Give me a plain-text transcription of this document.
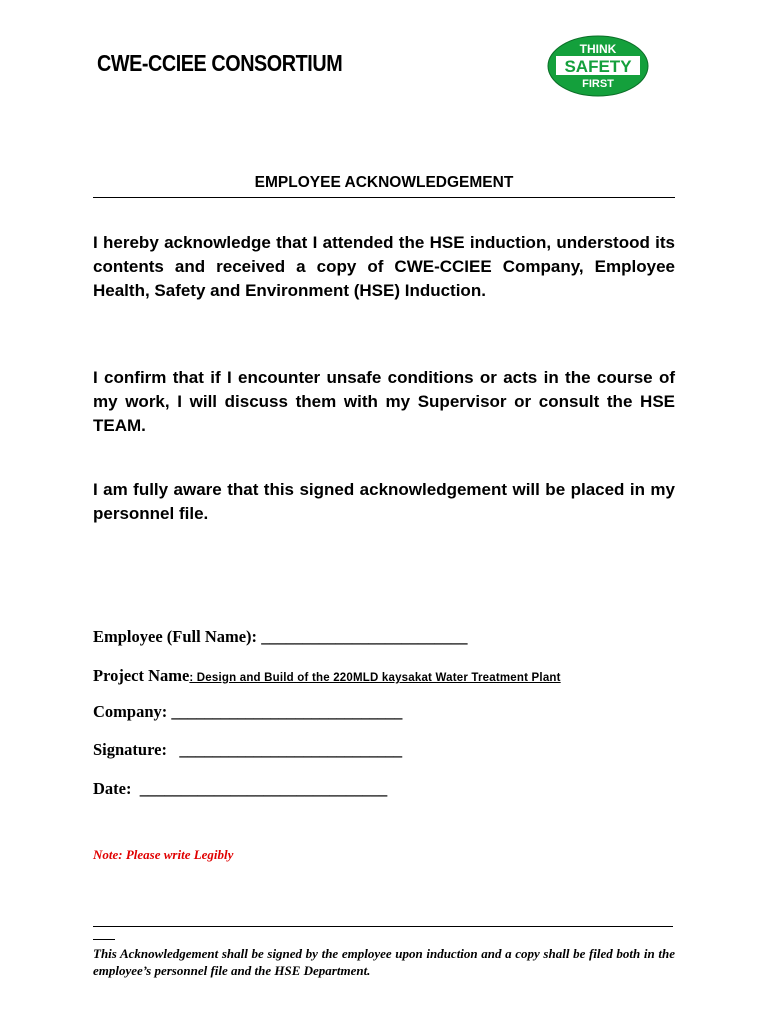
CWE-CCIEE CONSORTIUM
THINK
SAFETY
FIRST
EMPLOYEE ACKNOWLEDGEMENT
I hereby acknowledge that I attended the HSE induction, understood its contents and received a copy of CWE-CCIEE Company, Employee Health, Safety and Environment (HSE) Induction.
I confirm that if I encounter unsafe conditions or acts in the course of my work, I will discuss them with my Supervisor or consult the HSE TEAM.
I am fully aware that this signed acknowledgement will be placed in my personnel file.
Employee (Full Name): _________________________
Project Name: Design and Build of the 220MLD kaysakat Water Treatment Plant
Company: ____________________________
Signature:   ___________________________
Date:  ______________________________
Note: Please write Legibly
This Acknowledgement shall be signed by the employee upon induction and a copy shall be filed both in the employee’s personnel file and the HSE Department.
